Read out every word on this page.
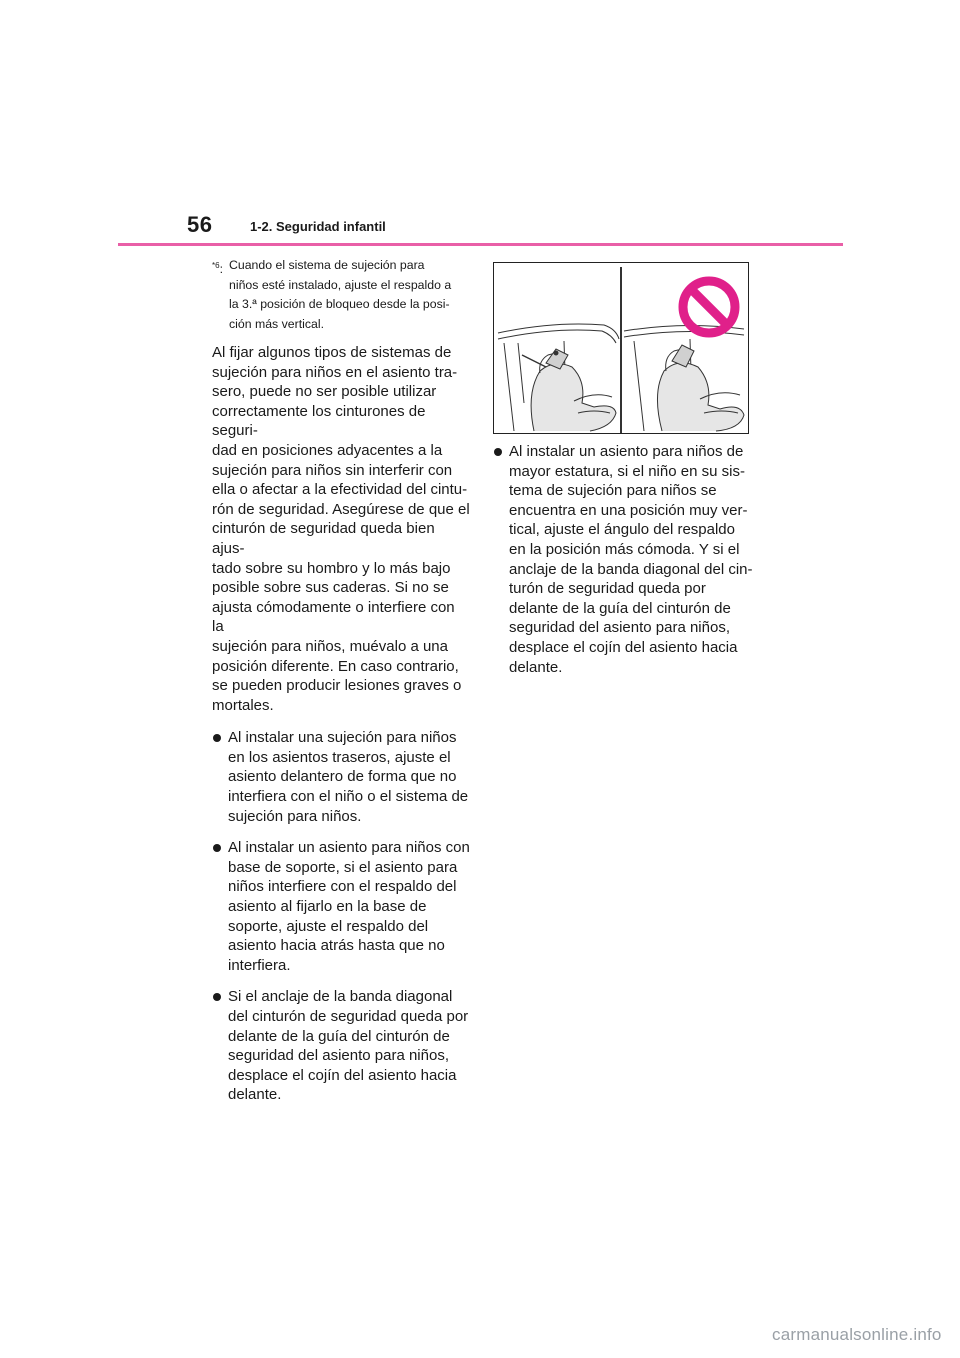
56	1-2. Seguridad infantil
$^{*6}$: Cuando el sistema de sujeción para
niños esté instalado, ajuste el respaldo a
la 3.ª posición de bloqueo desde la posi-
ción más vertical.
Al fijar algunos tipos de sistemas de
sujeción para niños en el asiento tra-
sero, puede no ser posible utilizar
correctamente los cinturones de seguri-
dad en posiciones adyacentes a la
sujeción para niños sin interferir con
ella o afectar a la efectividad del cintu-
rón de seguridad. Asegúrese de que el
cinturón de seguridad queda bien ajus-
tado sobre su hombro y lo más bajo
posible sobre sus caderas. Si no se
ajusta cómodamente o interfiere con la
sujeción para niños, muévalo a una
posición diferente. En caso contrario,
se pueden producir lesiones graves o
mortales.
Al instalar una sujeción para niños
en los asientos traseros, ajuste el
asiento delantero de forma que no
interfiera con el niño o el sistema de
sujeción para niños.
Al instalar un asiento para niños con
base de soporte, si el asiento para
niños interfiere con el respaldo del
asiento al fijarlo en la base de
soporte, ajuste el respaldo del
asiento hacia atrás hasta que no
interfiera.
Si el anclaje de la banda diagonal
del cinturón de seguridad queda por
delante de la guía del cinturón de
seguridad del asiento para niños,
desplace el cojín del asiento hacia
delante.
Al instalar un asiento para niños de
mayor estatura, si el niño en su sis-
tema de sujeción para niños se
encuentra en una posición muy ver-
tical, ajuste el ángulo del respaldo
en la posición más cómoda. Y si el
anclaje de la banda diagonal del cin-
turón de seguridad queda por
delante de la guía del cinturón de
seguridad del asiento para niños,
desplace el cojín del asiento hacia
delante.
carmanualsonline.info
